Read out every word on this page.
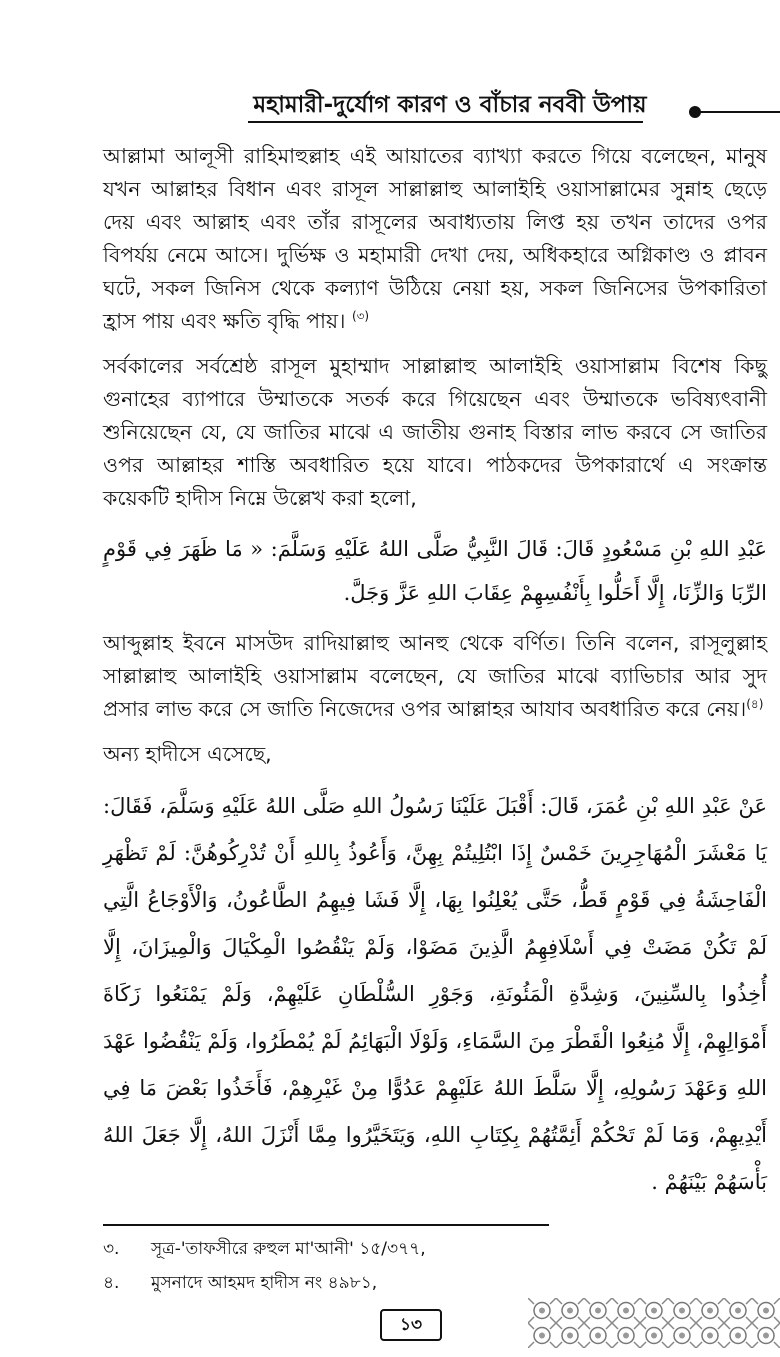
মহামারী-দুর্যোগ কারণ ও বাঁচার নববী উপায়

আল্লামা আলূসী রাহিমাহুল্লাহ এই আয়াতের ব্যাখ্যা করতে গিয়ে বলেছেন, মানুষ যখন আল্লাহর বিধান এবং রাসূল সাল্লাল্লাহু আলাইহি ওয়াসাল্লামের সুন্নাহ ছেড়ে দেয় এবং আল্লাহ এবং তাঁর রাসূলের অবাধ্যতায় লিপ্ত হয় তখন তাদের ওপর বিপর্যয় নেমে আসে। দুর্ভিক্ষ ও মহামারী দেখা দেয়, অধিকহারে অগ্নিকাণ্ড ও প্লাবন ঘটে, সকল জিনিস থেকে কল্যাণ উঠিয়ে নেয়া হয়, সকল জিনিসের উপকারিতা হ্রাস পায় এবং ক্ষতি বৃদ্ধি পায়। $^{(৩)}$

সর্বকালের সর্বশ্রেষ্ঠ রাসূল মুহাম্মাদ সাল্লাল্লাহু আলাইহি ওয়াসাল্লাম বিশেষ কিছু গুনাহের ব্যাপারে উম্মাতকে সতর্ক করে গিয়েছেন এবং উম্মাতকে ভবিষ্যৎবানী শুনিয়েছেন যে, যে জাতির মাঝে এ জাতীয় গুনাহ বিস্তার লাভ করবে সে জাতির ওপর আল্লাহর শাস্তি অবধারিত হয়ে যাবে। পাঠকদের উপকারার্থে এ সংক্রান্ত কয়েকটি হাদীস নিম্নে উল্লেখ করা হলো,

عَبْدِ اللهِ بْنِ مَسْعُودٍ قَالَ: قَالَ النَّبِيُّ صَلَّى اللهُ عَلَيْهِ وَسَلَّمَ: « مَا ظَهَرَ فِي قَوْمٍ الرِّبَا وَالزِّنَا، إِلَّا أَحَلُّوا بِأَنْفُسِهِمْ عِقَابَ اللهِ عَزَّ وَجَلَّ.

আব্দুল্লাহ ইবনে মাসউদ রাদিয়াল্লাহু আনহু থেকে বর্ণিত। তিনি বলেন, রাসূলুল্লাহ সাল্লাল্লাহু আলাইহি ওয়াসাল্লাম বলেছেন, যে জাতির মাঝে ব্যাভিচার আর সুদ প্রসার লাভ করে সে জাতি নিজেদের ওপর আল্লাহর আযাব অবধারিত করে নেয়।$^{(৪)}$

অন্য হাদীসে এসেছে,

عَنْ عَبْدِ اللهِ بْنِ عُمَرَ، قَالَ: أَقْبَلَ عَلَيْنَا رَسُولُ اللهِ صَلَّى اللهُ عَلَيْهِ وَسَلَّمَ، فَقَالَ: يَا مَعْشَرَ الْمُهَاجِرِينَ خَمْسٌ إِذَا ابْتُلِيتُمْ بِهِنَّ، وَأَعُوذُ بِاللهِ أَنْ تُدْرِكُوهُنَّ: لَمْ تَظْهَرِ الْفَاحِشَةُ فِي قَوْمٍ قَطُّ، حَتَّى يُعْلِنُوا بِهَا، إِلَّا فَشَا فِيهِمُ الطَّاعُونُ، وَالْأَوْجَاعُ الَّتِي لَمْ تَكُنْ مَضَتْ فِي أَسْلَافِهِمُ الَّذِينَ مَضَوْا، وَلَمْ يَنْقُصُوا الْمِكْيَالَ وَالْمِيزَانَ، إِلَّا أُخِذُوا بِالسِّنِينَ، وَشِدَّةِ الْمَئُونَةِ، وَجَوْرِ السُّلْطَانِ عَلَيْهِمْ، وَلَمْ يَمْنَعُوا زَكَاةَ أَمْوَالِهِمْ، إِلَّا مُنِعُوا الْقَطْرَ مِنَ السَّمَاءِ، وَلَوْلَا الْبَهَائِمُ لَمْ يُمْطَرُوا، وَلَمْ يَنْقُضُوا عَهْدَ اللهِ وَعَهْدَ رَسُولِهِ، إِلَّا سَلَّطَ اللهُ عَلَيْهِمْ عَدُوًّا مِنْ غَيْرِهِمْ، فَأَخَذُوا بَعْضَ مَا فِي أَيْدِيهِمْ، وَمَا لَمْ تَحْكُمْ أَئِمَّتُهُمْ بِكِتَابِ اللهِ، وَيَتَخَيَّرُوا مِمَّا أَنْزَلَ اللهُ، إِلَّا جَعَلَ اللهُ بَأْسَهُمْ بَيْنَهُمْ .

৩. সূত্র-'তাফসীরে রুহুল মা'আনী' ১৫/৩৭৭,
৪. মুসনাদে আহমদ হাদীস নং ৪৯৮১,
১৩
